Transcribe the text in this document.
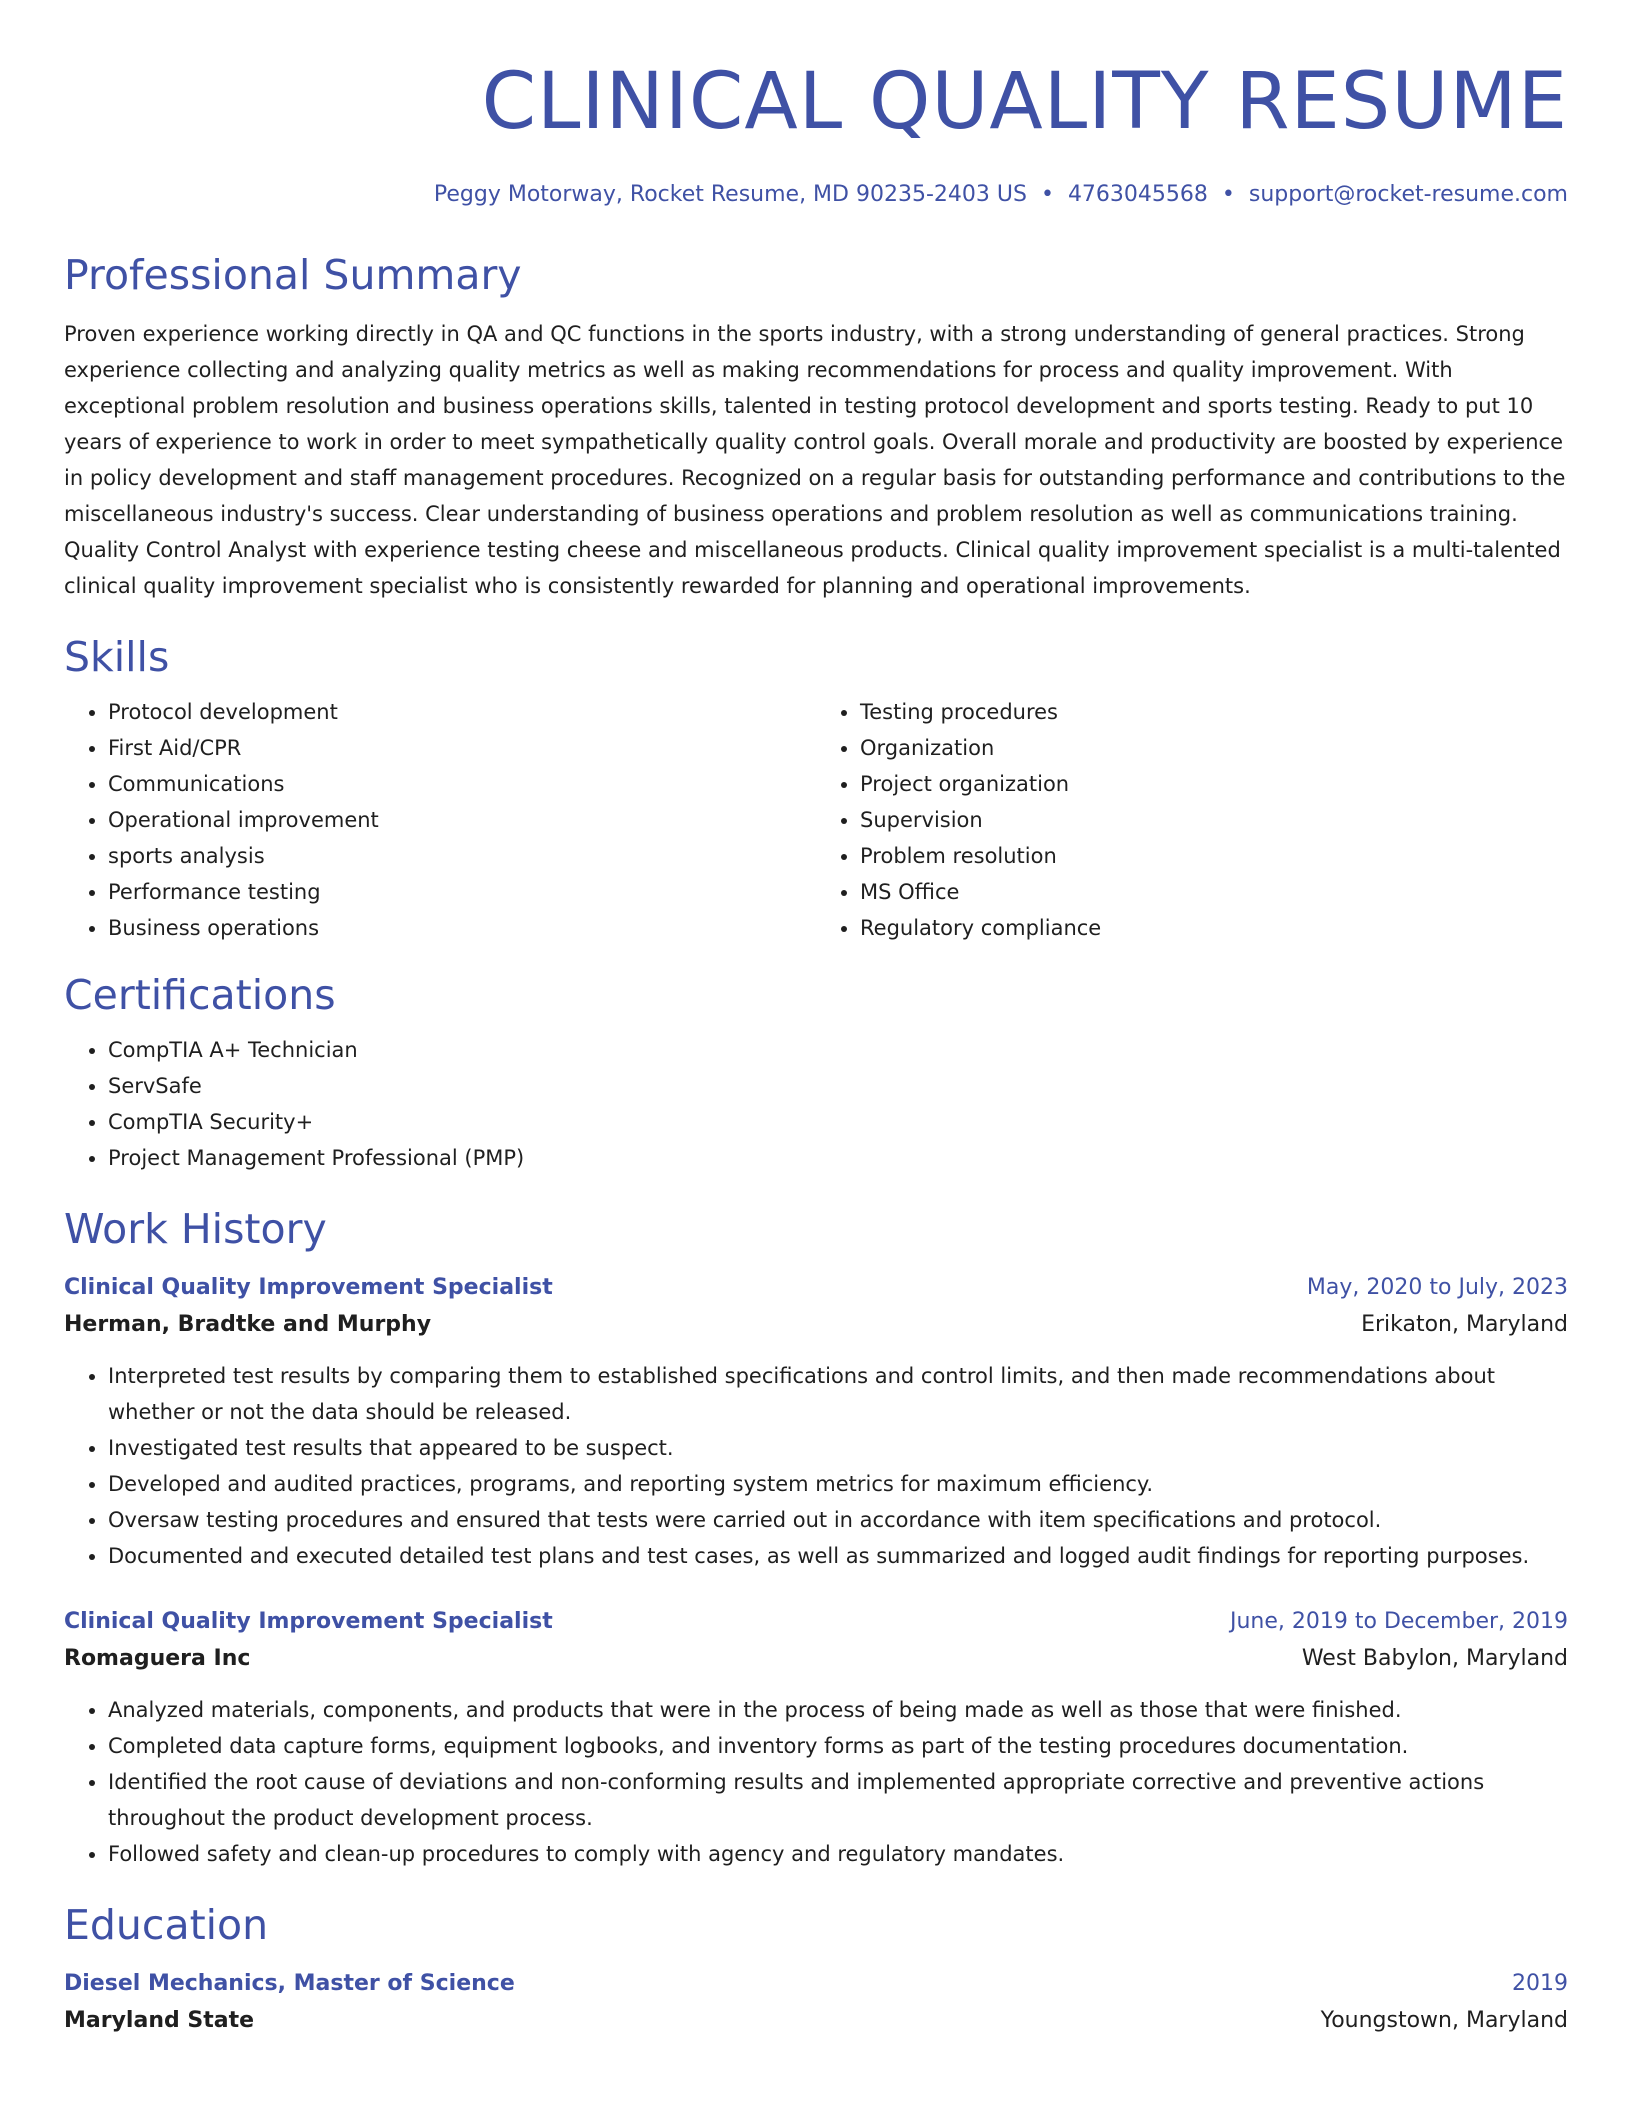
CLINICAL QUALITY RESUME
Peggy Motorway, Rocket Resume, MD 90235-2403 US • 4763045568 • support@rocket-resume.com
Professional Summary
Proven experience working directly in QA and QC functions in the sports industry, with a strong understanding of general practices. Strong experience collecting and analyzing quality metrics as well as making recommendations for process and quality improvement. With exceptional problem resolution and business operations skills, talented in testing protocol development and sports testing. Ready to put 10 years of experience to work in order to meet sympathetically quality control goals. Overall morale and productivity are boosted by experience in policy development and staff management procedures. Recognized on a regular basis for outstanding performance and contributions to the miscellaneous industry's success. Clear understanding of business operations and problem resolution as well as communications training. Quality Control Analyst with experience testing cheese and miscellaneous products. Clinical quality improvement specialist is a multi-talented clinical quality improvement specialist who is consistently rewarded for planning and operational improvements.
Skills
• Protocol development
• First Aid/CPR
• Communications
• Operational improvement
• sports analysis
• Performance testing
• Business operations
• Testing procedures
• Organization
• Project organization
• Supervision
• Problem resolution
• MS Office
• Regulatory compliance
Certifications
• CompTIA A+ Technician
• ServSafe
• CompTIA Security+
• Project Management Professional (PMP)
Work History
Clinical Quality Improvement Specialist	May, 2020 to July, 2023
Herman, Bradtke and Murphy	Erikaton, Maryland
• Interpreted test results by comparing them to established specifications and control limits, and then made recommendations about whether or not the data should be released.
• Investigated test results that appeared to be suspect.
• Developed and audited practices, programs, and reporting system metrics for maximum efficiency.
• Oversaw testing procedures and ensured that tests were carried out in accordance with item specifications and protocol.
• Documented and executed detailed test plans and test cases, as well as summarized and logged audit findings for reporting purposes.
Clinical Quality Improvement Specialist	June, 2019 to December, 2019
Romaguera Inc	West Babylon, Maryland
• Analyzed materials, components, and products that were in the process of being made as well as those that were finished.
• Completed data capture forms, equipment logbooks, and inventory forms as part of the testing procedures documentation.
• Identified the root cause of deviations and non-conforming results and implemented appropriate corrective and preventive actions throughout the product development process.
• Followed safety and clean-up procedures to comply with agency and regulatory mandates.
Education
Diesel Mechanics, Master of Science	2019
Maryland State	Youngstown, Maryland
